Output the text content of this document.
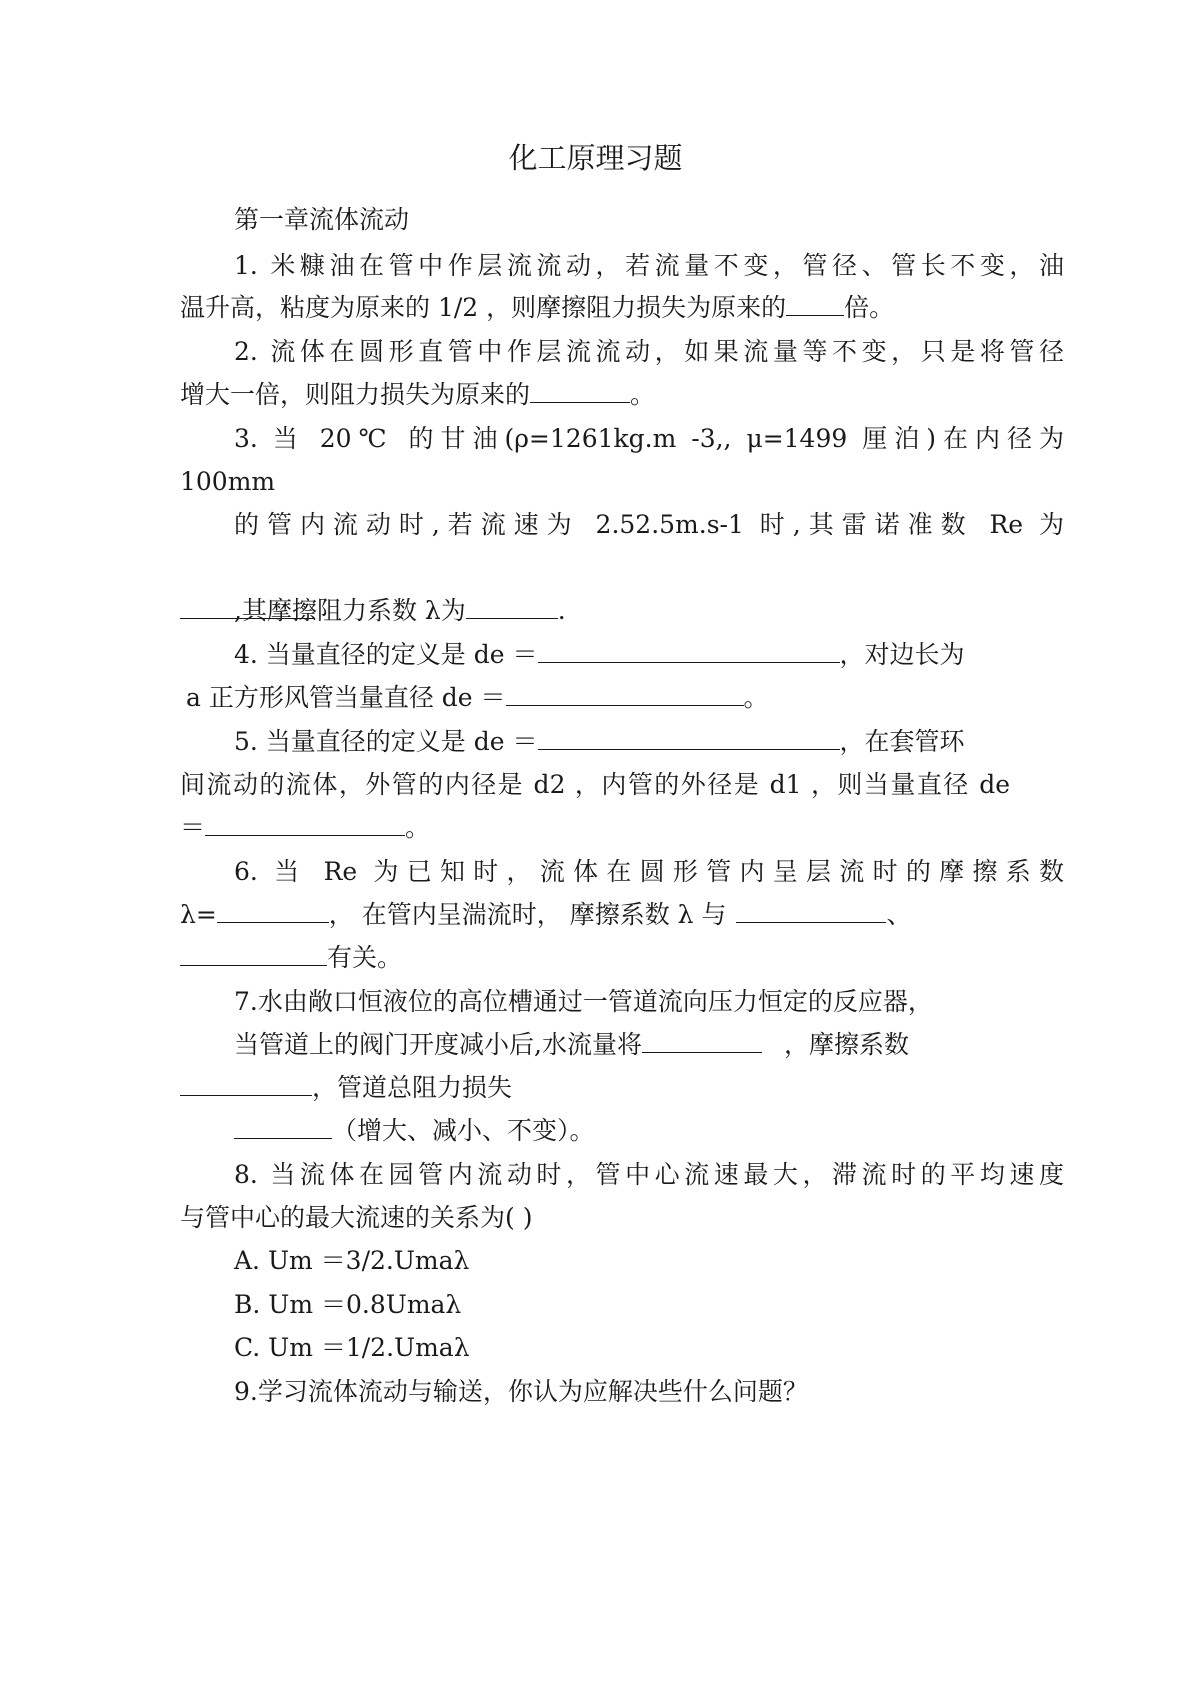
化工原理习题
第一章流体流动
1. 米糠油在管中作层流流动，若流量不变，管径、管长不变，油
温升高，粘度为原来的 1/2 ，则摩擦阻力损失为原来的 倍。
2. 流体在圆形直管中作层流流动，如果流量等不变，只是将管径
增大一倍，则阻力损失为原来的	。
3. 当 20℃ 的甘油(ρ=1261kg.m -3,, μ=1499 厘泊)在内径为
100mm
的管内流动时,若流速为 2.52.5m.s-1 时,其雷诺准数 Re 为
,其摩擦阻力系数 λ为	.
4. 当量直径的定义是 de ＝	，对边长为
a 正方形风管当量直径 de ＝	。
5. 当量直径的定义是 de ＝	，在套管环
间流动的流体，外管的内径是 d2 ，内管的外径是 d1 ，则当量直径 de
＝	。
6. 当 Re 为已知时，流体在圆形管内呈层流时的摩擦系数
λ=	， 在管内呈湍流时， 摩擦系数 λ 与	、
有关。
7.水由敞口恒液位的高位槽通过一管道流向压力恒定的反应器，
当管道上的阀门开度减小后,水流量将	，摩擦系数
，管道总阻力损失
（增大、减小、不变）。
8. 当流体在园管内流动时，管中心流速最大，滞流时的平均速度
与管中心的最大流速的关系为( )
A. Um ＝3/2.Umaλ
B. Um ＝0.8Umaλ
C. Um ＝1/2.Umaλ
9.学习流体流动与输送，你认为应解决些什么问题？
